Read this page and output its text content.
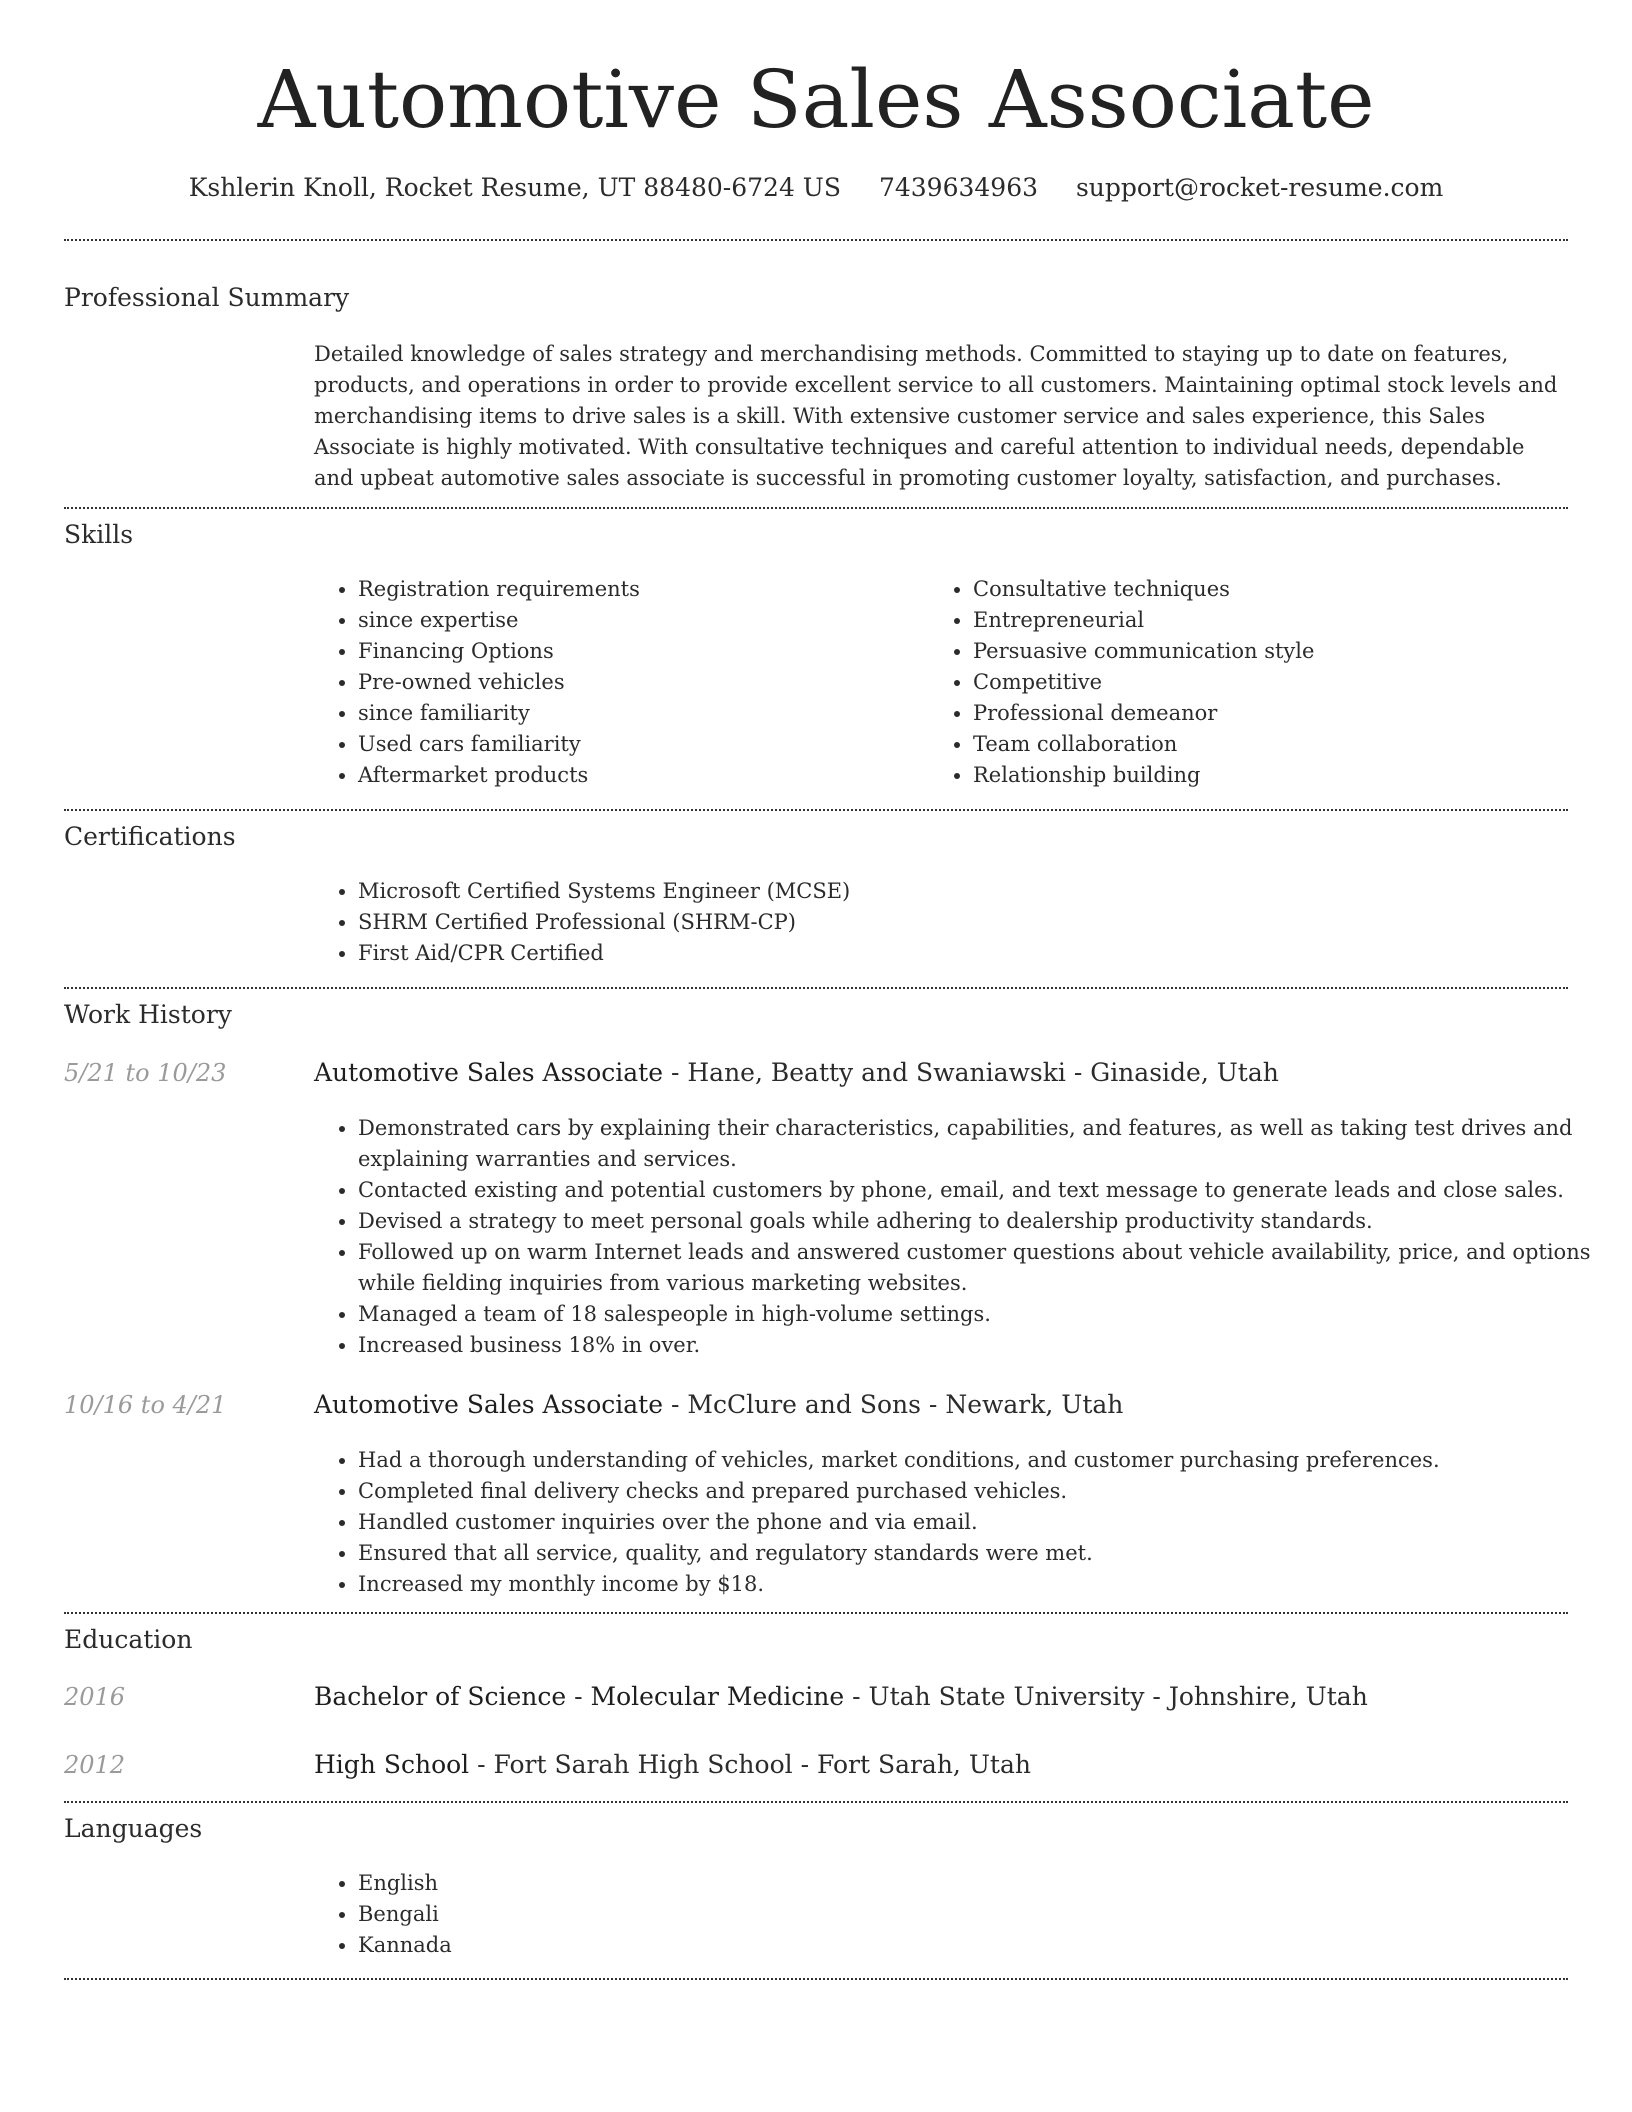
Automotive Sales Associate
Kshlerin Knoll, Rocket Resume, UT 88480-6724 US 7439634963 support@rocket-resume.com
Professional Summary

Detailed knowledge of sales strategy and merchandising methods. Committed to staying up to date on features, products, and operations in order to provide excellent service to all customers. Maintaining optimal stock levels and merchandising items to drive sales is a skill. With extensive customer service and sales experience, this Sales Associate is highly motivated. With consultative techniques and careful attention to individual needs, dependable and upbeat automotive sales associate is successful in promoting customer loyalty, satisfaction, and purchases.

Skills
• Registration requirements
• since expertise
• Financing Options
• Pre-owned vehicles
• since familiarity
• Used cars familiarity
• Aftermarket products
• Consultative techniques
• Entrepreneurial
• Persuasive communication style
• Competitive
• Professional demeanor
• Team collaboration
• Relationship building
Certifications
• Microsoft Certified Systems Engineer (MCSE)
• SHRM Certified Professional (SHRM-CP)
• First Aid/CPR Certified
Work History
5/21 to 10/23	Automotive Sales Associate - Hane, Beatty and Swaniawski - Ginaside, Utah
• Demonstrated cars by explaining their characteristics, capabilities, and features, as well as taking test drives and explaining warranties and services.
• Contacted existing and potential customers by phone, email, and text message to generate leads and close sales.
• Devised a strategy to meet personal goals while adhering to dealership productivity standards.
• Followed up on warm Internet leads and answered customer questions about vehicle availability, price, and options while fielding inquiries from various marketing websites.
• Managed a team of 18 salespeople in high-volume settings.
• Increased business 18% in over.
10/16 to 4/21	Automotive Sales Associate - McClure and Sons - Newark, Utah
• Had a thorough understanding of vehicles, market conditions, and customer purchasing preferences.
• Completed final delivery checks and prepared purchased vehicles.
• Handled customer inquiries over the phone and via email.
• Ensured that all service, quality, and regulatory standards were met.
• Increased my monthly income by $18.
Education
2016	Bachelor of Science - Molecular Medicine - Utah State University - Johnshire, Utah
2012	High School - Fort Sarah High School - Fort Sarah, Utah
Languages
• English
• Bengali
• Kannada
